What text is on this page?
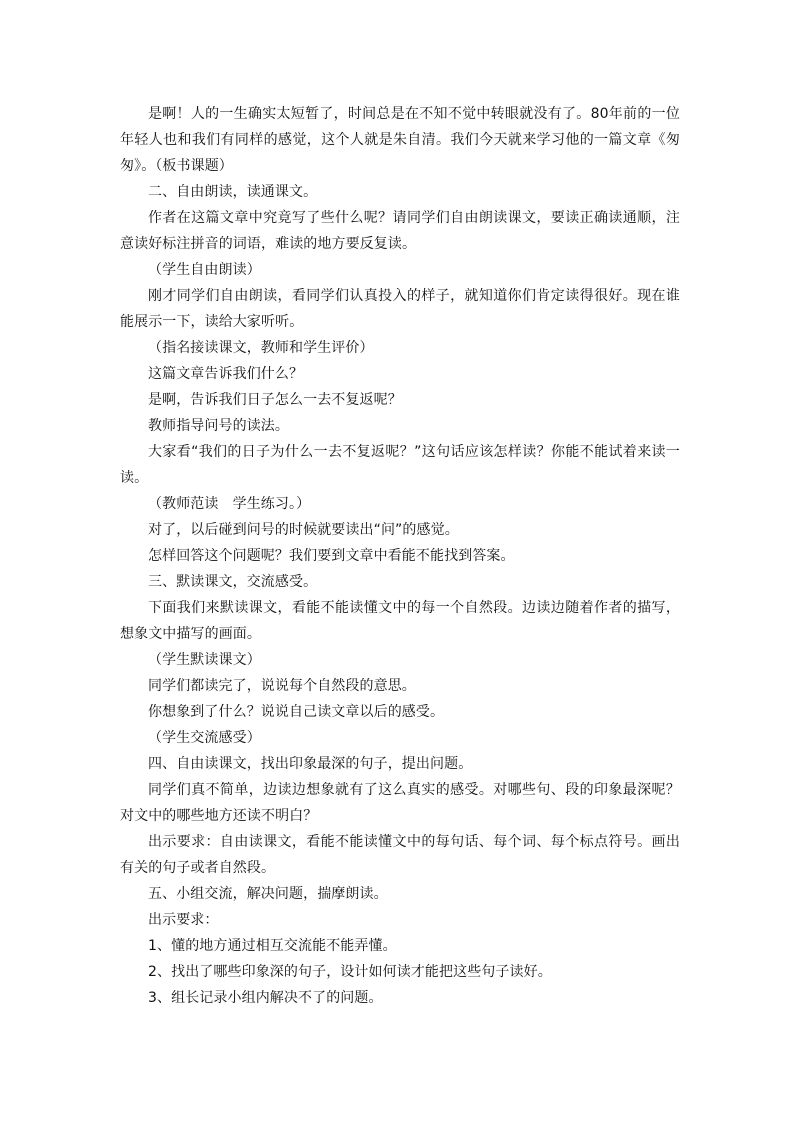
是啊！人的一生确实太短暂了，时间总是在不知不觉中转眼就没有了。80年前的一位年轻人也和我们有同样的感觉，这个人就是朱自清。我们今天就来学习他的一篇文章《匆匆》。（板书课题）

二、自由朗读，读通课文。

作者在这篇文章中究竟写了些什么呢？请同学们自由朗读课文，要读正确读通顺，注意读好标注拼音的词语，难读的地方要反复读。

（学生自由朗读）

刚才同学们自由朗读，看同学们认真投入的样子，就知道你们肯定读得很好。现在谁能展示一下，读给大家听听。

（指名接读课文，教师和学生评价）

这篇文章告诉我们什么？

是啊，告诉我们日子怎么一去不复返呢？

教师指导问号的读法。

大家看“我们的日子为什么一去不复返呢？”这句话应该怎样读？你能不能试着来读一读。

（教师范读　学生练习。）

对了，以后碰到问号的时候就要读出“问”的感觉。

怎样回答这个问题呢？我们要到文章中看能不能找到答案。

三、默读课文，交流感受。

下面我们来默读课文，看能不能读懂文中的每一个自然段。边读边随着作者的描写，想象文中描写的画面。

（学生默读课文）

同学们都读完了，说说每个自然段的意思。

你想象到了什么？说说自己读文章以后的感受。

（学生交流感受）

四、自由读课文，找出印象最深的句子，提出问题。

同学们真不简单，边读边想象就有了这么真实的感受。对哪些句、段的印象最深呢？对文中的哪些地方还读不明白？

出示要求：自由读课文，看能不能读懂文中的每句话、每个词、每个标点符号。画出有关的句子或者自然段。

五、小组交流，解决问题，揣摩朗读。

出示要求：

1、懂的地方通过相互交流能不能弄懂。

2、找出了哪些印象深的句子，设计如何读才能把这些句子读好。

3、组长记录小组内解决不了的问题。
